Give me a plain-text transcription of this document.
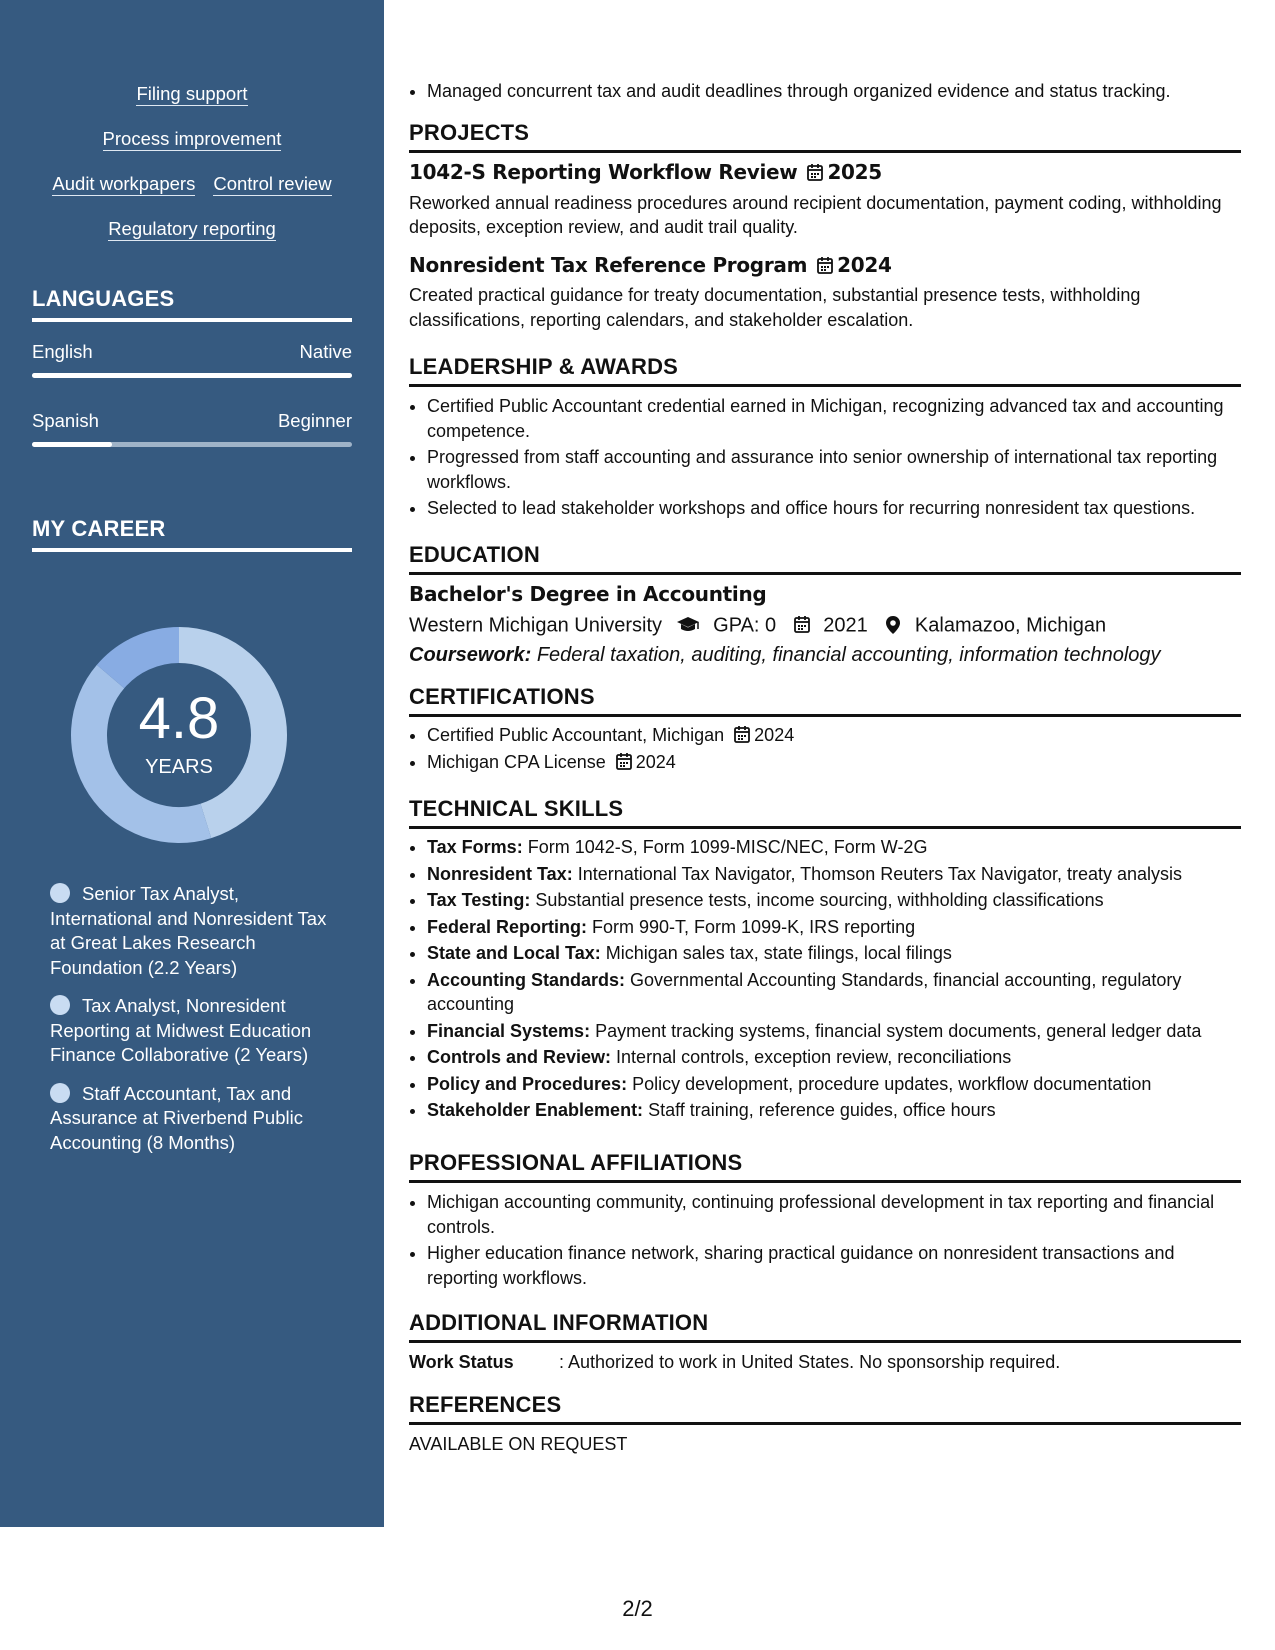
Filing support
Process improvement
Audit workpapers Control review
Regulatory reporting
LANGUAGES
English	Native
Spanish	Beginner
MY CAREER
4.8
YEARS
Senior Tax Analyst, International and Nonresident Tax at Great Lakes Research Foundation (2.2 Years)
Tax Analyst, Nonresident Reporting at Midwest Education Finance Collaborative (2 Years)
Staff Accountant, Tax and Assurance at Riverbend Public Accounting (8 Months)
• Managed concurrent tax and audit deadlines through organized evidence and status tracking.
PROJECTS
1042-S Reporting Workflow Review 2025
Reworked annual readiness procedures around recipient documentation, payment coding, withholding deposits, exception review, and audit trail quality.
Nonresident Tax Reference Program 2024
Created practical guidance for treaty documentation, substantial presence tests, withholding classifications, reporting calendars, and stakeholder escalation.
LEADERSHIP & AWARDS
• Certified Public Accountant credential earned in Michigan, recognizing advanced tax and accounting competence.
• Progressed from staff accounting and assurance into senior ownership of international tax reporting workflows.
• Selected to lead stakeholder workshops and office hours for recurring nonresident tax questions.
EDUCATION
Bachelor's Degree in Accounting
Western Michigan University	GPA: 0 2021 Kalamazoo, Michigan
Coursework: Federal taxation, auditing, financial accounting, information technology
CERTIFICATIONS
• Certified Public Accountant, Michigan 2024
• Michigan CPA License 2024
TECHNICAL SKILLS
• Tax Forms: Form 1042-S, Form 1099-MISC/NEC, Form W-2G
• Nonresident Tax: International Tax Navigator, Thomson Reuters Tax Navigator, treaty analysis
• Tax Testing: Substantial presence tests, income sourcing, withholding classifications
• Federal Reporting: Form 990-T, Form 1099-K, IRS reporting
• State and Local Tax: Michigan sales tax, state filings, local filings
• Accounting Standards: Governmental Accounting Standards, financial accounting, regulatory accounting
• Financial Systems: Payment tracking systems, financial system documents, general ledger data
• Controls and Review: Internal controls, exception review, reconciliations
• Policy and Procedures: Policy development, procedure updates, workflow documentation
• Stakeholder Enablement: Staff training, reference guides, office hours
PROFESSIONAL AFFILIATIONS
• Michigan accounting community, continuing professional development in tax reporting and financial controls.
• Higher education finance network, sharing practical guidance on nonresident transactions and reporting workflows.
ADDITIONAL INFORMATION
Work Status	: Authorized to work in United States. No sponsorship required.
REFERENCES
AVAILABLE ON REQUEST
2/2
